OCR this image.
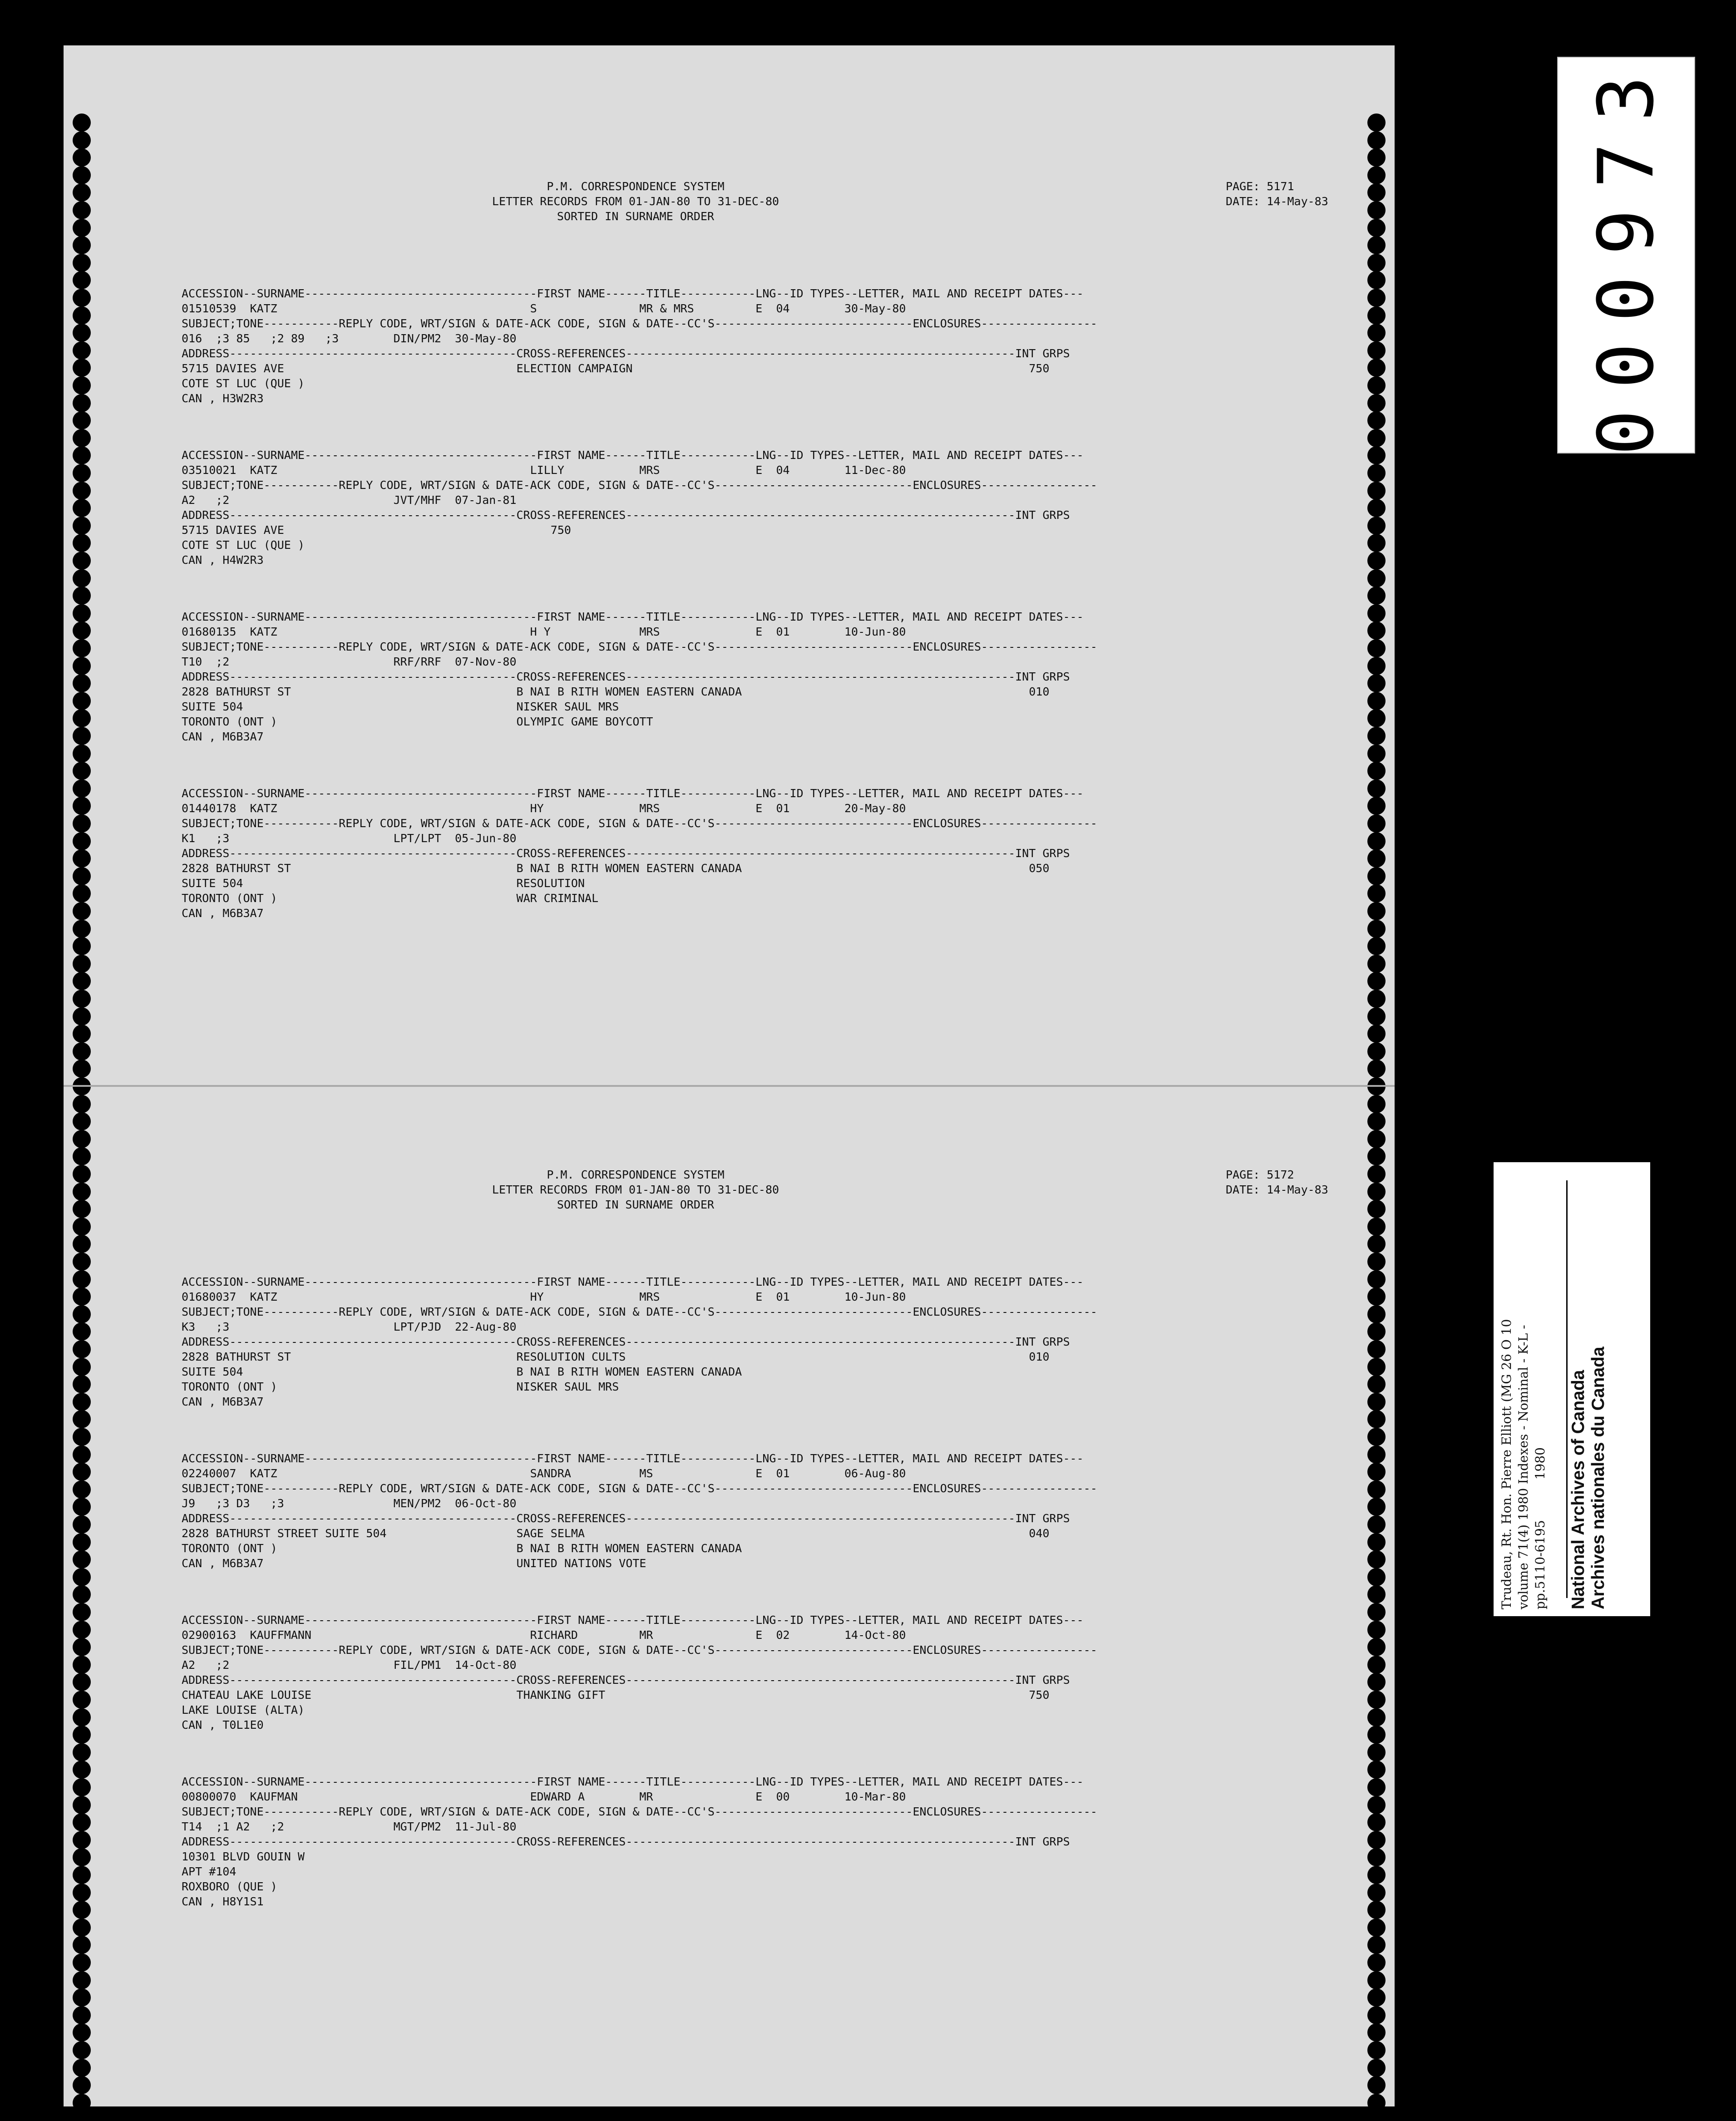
P.M. CORRESPONDENCE SYSTEM

LETTER RECORDS FROM 01-JAN-80 TO 31-DEC-80

SORTED IN SURNAME ORDER

PAGE: 5171

DATE: 14-May-83

ACCESSION--SURNAME----------------------------------FIRST NAME------TITLE-----------LNG--ID TYPES--LETTER, MAIL AND RECEIPT DATES---
01510539  KATZ                                     S               MR & MRS         E  04        30-May-80
SUBJECT;TONE-----------REPLY CODE, WRT/SIGN & DATE-ACK CODE, SIGN & DATE--CC'S-----------------------------ENCLOSURES-----------------
016  ;3 85   ;2 89   ;3        DIN/PM2  30-May-80
ADDRESS------------------------------------------CROSS-REFERENCES---------------------------------------------------------INT GRPS
5715 DAVIES AVE                                  ELECTION CAMPAIGN                                                          750
COTE ST LUC (QUE )
CAN , H3W2R3
ACCESSION--SURNAME----------------------------------FIRST NAME------TITLE-----------LNG--ID TYPES--LETTER, MAIL AND RECEIPT DATES---
03510021  KATZ                                     LILLY           MRS              E  04        11-Dec-80
SUBJECT;TONE-----------REPLY CODE, WRT/SIGN & DATE-ACK CODE, SIGN & DATE--CC'S-----------------------------ENCLOSURES-----------------
A2   ;2                        JVT/MHF  07-Jan-81
ADDRESS------------------------------------------CROSS-REFERENCES---------------------------------------------------------INT GRPS
5715 DAVIES AVE                                       750
COTE ST LUC (QUE )
CAN , H4W2R3
ACCESSION--SURNAME----------------------------------FIRST NAME------TITLE-----------LNG--ID TYPES--LETTER, MAIL AND RECEIPT DATES---
01680135  KATZ                                     H Y             MRS              E  01        10-Jun-80
SUBJECT;TONE-----------REPLY CODE, WRT/SIGN & DATE-ACK CODE, SIGN & DATE--CC'S-----------------------------ENCLOSURES-----------------
T10  ;2                        RRF/RRF  07-Nov-80
ADDRESS------------------------------------------CROSS-REFERENCES---------------------------------------------------------INT GRPS
2828 BATHURST ST                                 B NAI B RITH WOMEN EASTERN CANADA                                          010
SUITE 504                                        NISKER SAUL MRS
TORONTO (ONT )                                   OLYMPIC GAME BOYCOTT
CAN , M6B3A7
ACCESSION--SURNAME----------------------------------FIRST NAME------TITLE-----------LNG--ID TYPES--LETTER, MAIL AND RECEIPT DATES---
01440178  KATZ                                     HY              MRS              E  01        20-May-80
SUBJECT;TONE-----------REPLY CODE, WRT/SIGN & DATE-ACK CODE, SIGN & DATE--CC'S-----------------------------ENCLOSURES-----------------
K1   ;3                        LPT/LPT  05-Jun-80
ADDRESS------------------------------------------CROSS-REFERENCES---------------------------------------------------------INT GRPS
2828 BATHURST ST                                 B NAI B RITH WOMEN EASTERN CANADA                                          050
SUITE 504                                        RESOLUTION
TORONTO (ONT )                                   WAR CRIMINAL
CAN , M6B3A7

P.M. CORRESPONDENCE SYSTEM

LETTER RECORDS FROM 01-JAN-80 TO 31-DEC-80

SORTED IN SURNAME ORDER

PAGE: 5172

DATE: 14-May-83

ACCESSION--SURNAME----------------------------------FIRST NAME------TITLE-----------LNG--ID TYPES--LETTER, MAIL AND RECEIPT DATES---
01680037  KATZ                                     HY              MRS              E  01        10-Jun-80
SUBJECT;TONE-----------REPLY CODE, WRT/SIGN & DATE-ACK CODE, SIGN & DATE--CC'S-----------------------------ENCLOSURES-----------------
K3   ;3                        LPT/PJD  22-Aug-80
ADDRESS------------------------------------------CROSS-REFERENCES---------------------------------------------------------INT GRPS
2828 BATHURST ST                                 RESOLUTION CULTS                                                           010
SUITE 504                                        B NAI B RITH WOMEN EASTERN CANADA
TORONTO (ONT )                                   NISKER SAUL MRS
CAN , M6B3A7
ACCESSION--SURNAME----------------------------------FIRST NAME------TITLE-----------LNG--ID TYPES--LETTER, MAIL AND RECEIPT DATES---
02240007  KATZ                                     SANDRA          MS               E  01        06-Aug-80
SUBJECT;TONE-----------REPLY CODE, WRT/SIGN & DATE-ACK CODE, SIGN & DATE--CC'S-----------------------------ENCLOSURES-----------------
J9   ;3 D3   ;3                MEN/PM2  06-Oct-80
ADDRESS------------------------------------------CROSS-REFERENCES---------------------------------------------------------INT GRPS
2828 BATHURST STREET SUITE 504                   SAGE SELMA                                                                 040
TORONTO (ONT )                                   B NAI B RITH WOMEN EASTERN CANADA
CAN , M6B3A7                                     UNITED NATIONS VOTE
ACCESSION--SURNAME----------------------------------FIRST NAME------TITLE-----------LNG--ID TYPES--LETTER, MAIL AND RECEIPT DATES---
02900163  KAUFFMANN                                RICHARD         MR               E  02        14-Oct-80
SUBJECT;TONE-----------REPLY CODE, WRT/SIGN & DATE-ACK CODE, SIGN & DATE--CC'S-----------------------------ENCLOSURES-----------------
A2   ;2                        FIL/PM1  14-Oct-80
ADDRESS------------------------------------------CROSS-REFERENCES---------------------------------------------------------INT GRPS
CHATEAU LAKE LOUISE                              THANKING GIFT                                                              750
LAKE LOUISE (ALTA)
CAN , T0L1E0
ACCESSION--SURNAME----------------------------------FIRST NAME------TITLE-----------LNG--ID TYPES--LETTER, MAIL AND RECEIPT DATES---
00800070  KAUFMAN                                  EDWARD A        MR               E  00        10-Mar-80
SUBJECT;TONE-----------REPLY CODE, WRT/SIGN & DATE-ACK CODE, SIGN & DATE--CC'S-----------------------------ENCLOSURES-----------------
T14  ;1 A2   ;2                MGT/PM2  11-Jul-80
ADDRESS------------------------------------------CROSS-REFERENCES---------------------------------------------------------INT GRPS
10301 BLVD GOUIN W
APT #104
ROXBORO (QUE )
CAN , H8Y1S1

000973
Trudeau, Rt. Hon. Pierre Elliott (MG 26 O 10 volume 71(4) 1980 Indexes - Nominal - K-L - pp.5110-6195          1980 National Archives of Canada
Archives nationales du Canada
